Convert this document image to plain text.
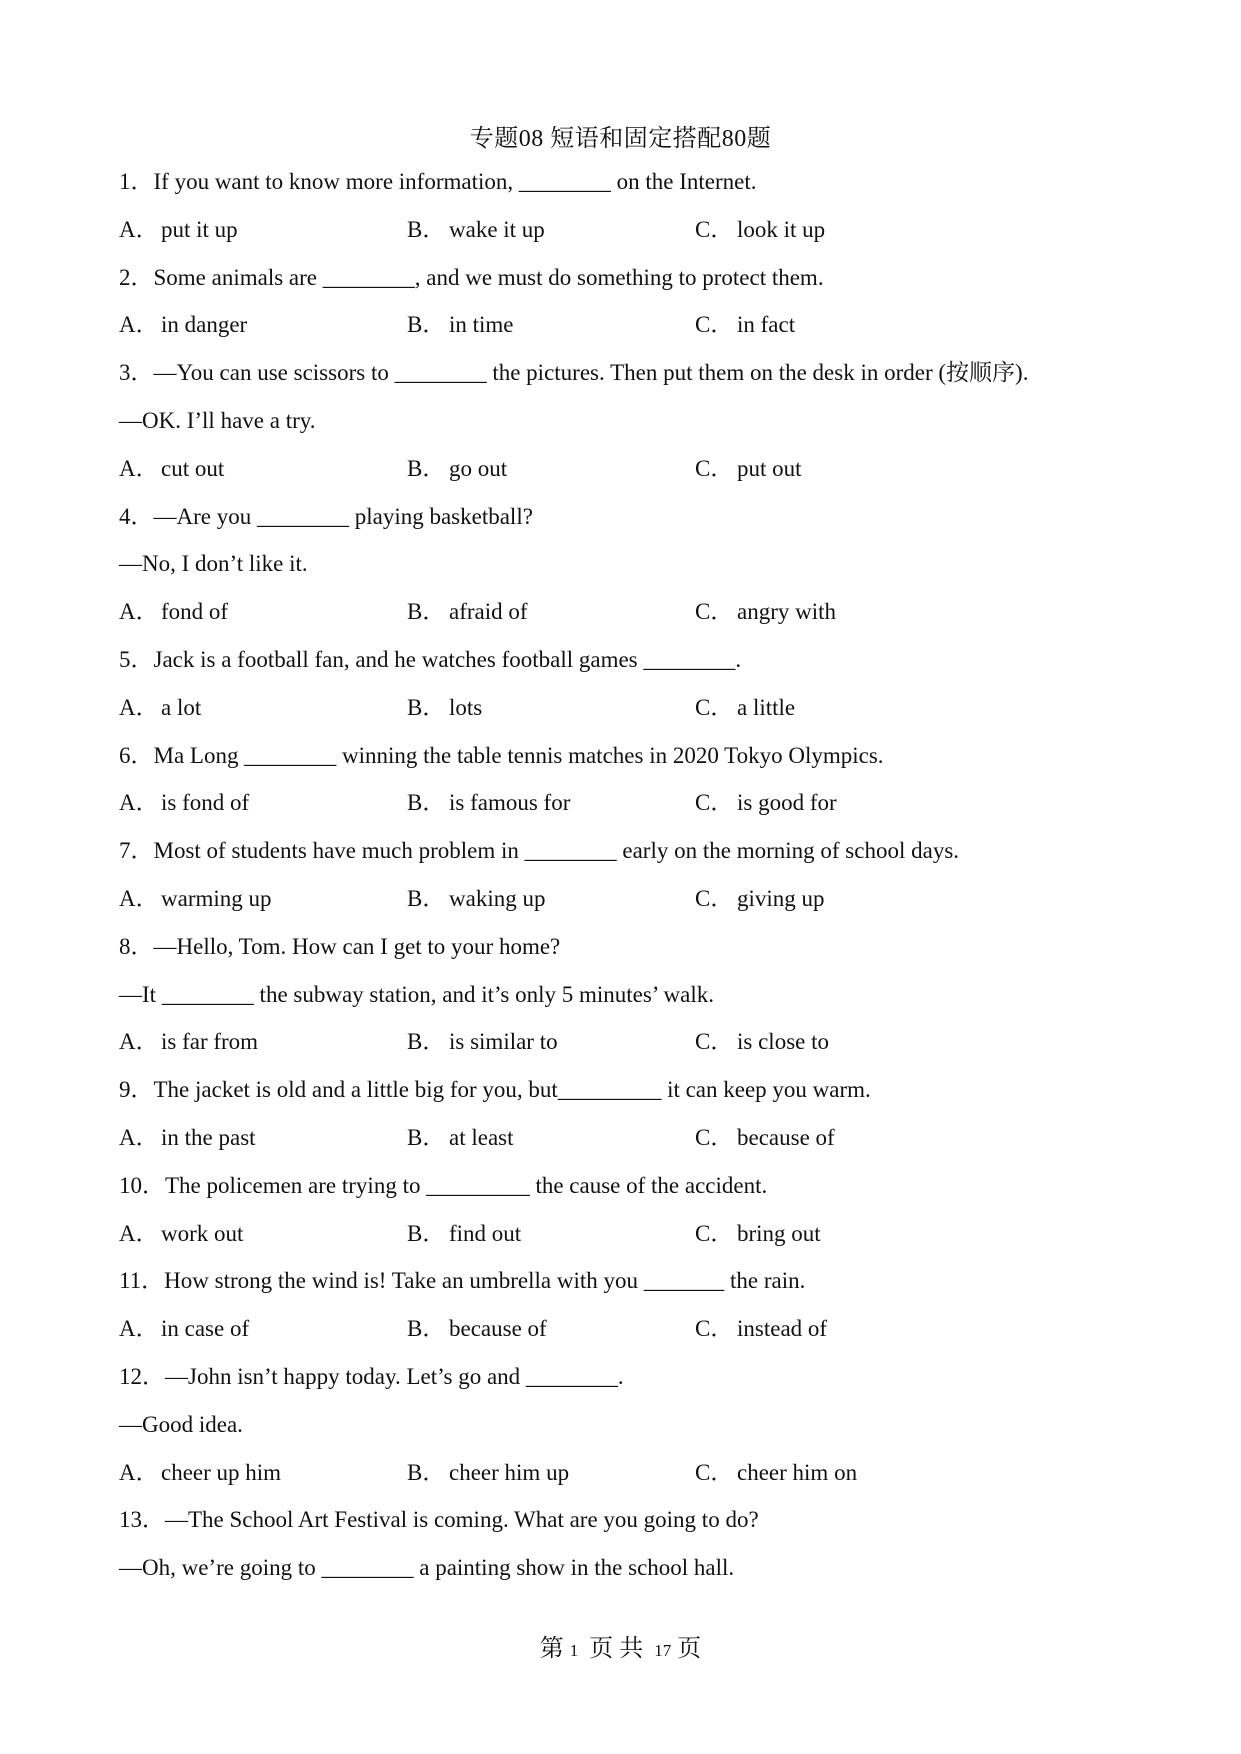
专题08 短语和固定搭配80题
1．If you want to know more information, ________ on the Internet.
A． put it up	B． wake it up	C． look it up
2．Some animals are ________, and we must do something to protect them.
A． in danger	B． in time	C． in fact
3．—You can use scissors to ________ the pictures. Then put them on the desk in order (按顺序).
—OK. I’ll have a try.
A． cut out	B． go out	C． put out
4．—Are you ________ playing basketball?
—No, I don’t like it.
A． fond of	B． afraid of	C． angry with
5．Jack is a football fan, and he watches football games ________.
A． a lot	B． lots	C． a little
6．Ma Long ________ winning the table tennis matches in 2020 Tokyo Olympics.
A． is fond of	B． is famous for	C． is good for
7．Most of students have much problem in ________ early on the morning of school days.
A． warming up	B． waking up	C． giving up
8．—Hello, Tom. How can I get to your home?
—It ________ the subway station, and it’s only 5 minutes’ walk.
A． is far from	B． is similar to	C． is close to
9．The jacket is old and a little big for you, but_________ it can keep you warm.
A． in the past	B． at least	C． because of
10．The policemen are trying to _________ the cause of the accident.
A． work out	B． find out	C． bring out
11．How strong the wind is! Take an umbrella with you _______ the rain.
A． in case of	B． because of	C． instead of
12．—John isn’t happy today. Let’s go and ________.
—Good idea.
A． cheer up him	B． cheer him up	C． cheer him on
13．—The School Art Festival is coming. What are you going to do?
—Oh, we’re going to ________ a painting show in the school hall.
第 1 页 共 17 页
